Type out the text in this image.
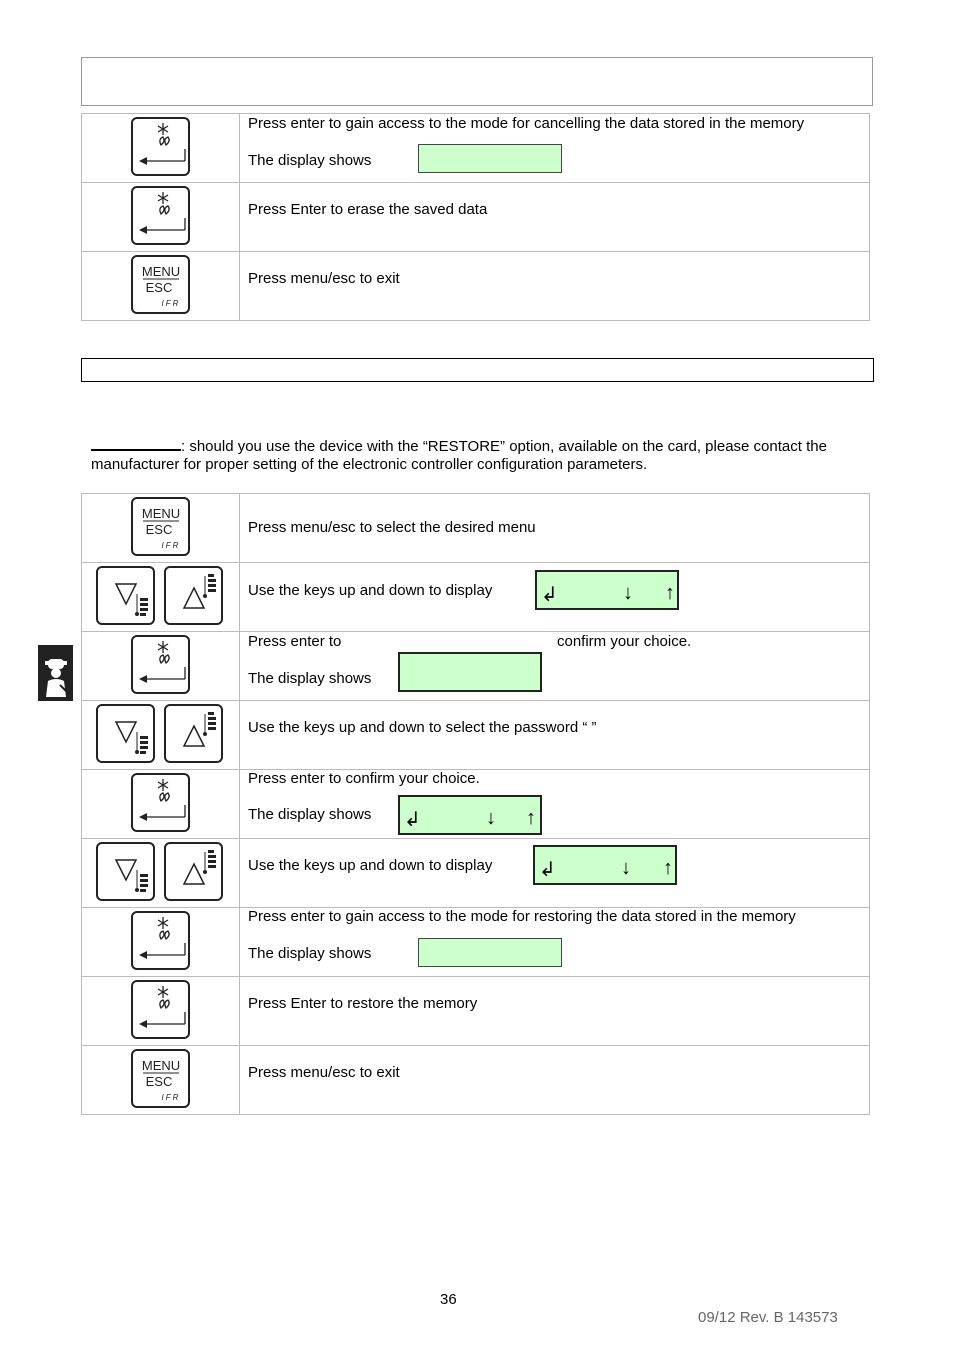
Press enter to gain access to the mode for cancelling the data stored in the memory
The display shows

Press Enter to erase the saved data

MENU
ESC
IFR	Press menu/esc to exit
: should you use the device with the “RESTORE” option, available on the card, please contact the manufacturer for proper setting of the electronic controller configuration parameters.
MENU
ESC
IFR	Press menu/esc to select the desired menu

Use the keys up and down to display ↲ ↓ ↑

Press enter to confirm your choice.
The display shows

Use the keys up and down to select the password “ ”

Press enter to confirm your choice.
The display shows ↲ ↓ ↑

Use the keys up and down to display ↲ ↓ ↑

Press enter to gain access to the mode for restoring the data stored in the memory
The display shows

Press Enter to restore the memory

MENU
ESC
IFR	Press menu/esc to exit
36
09/12 Rev. B 143573
